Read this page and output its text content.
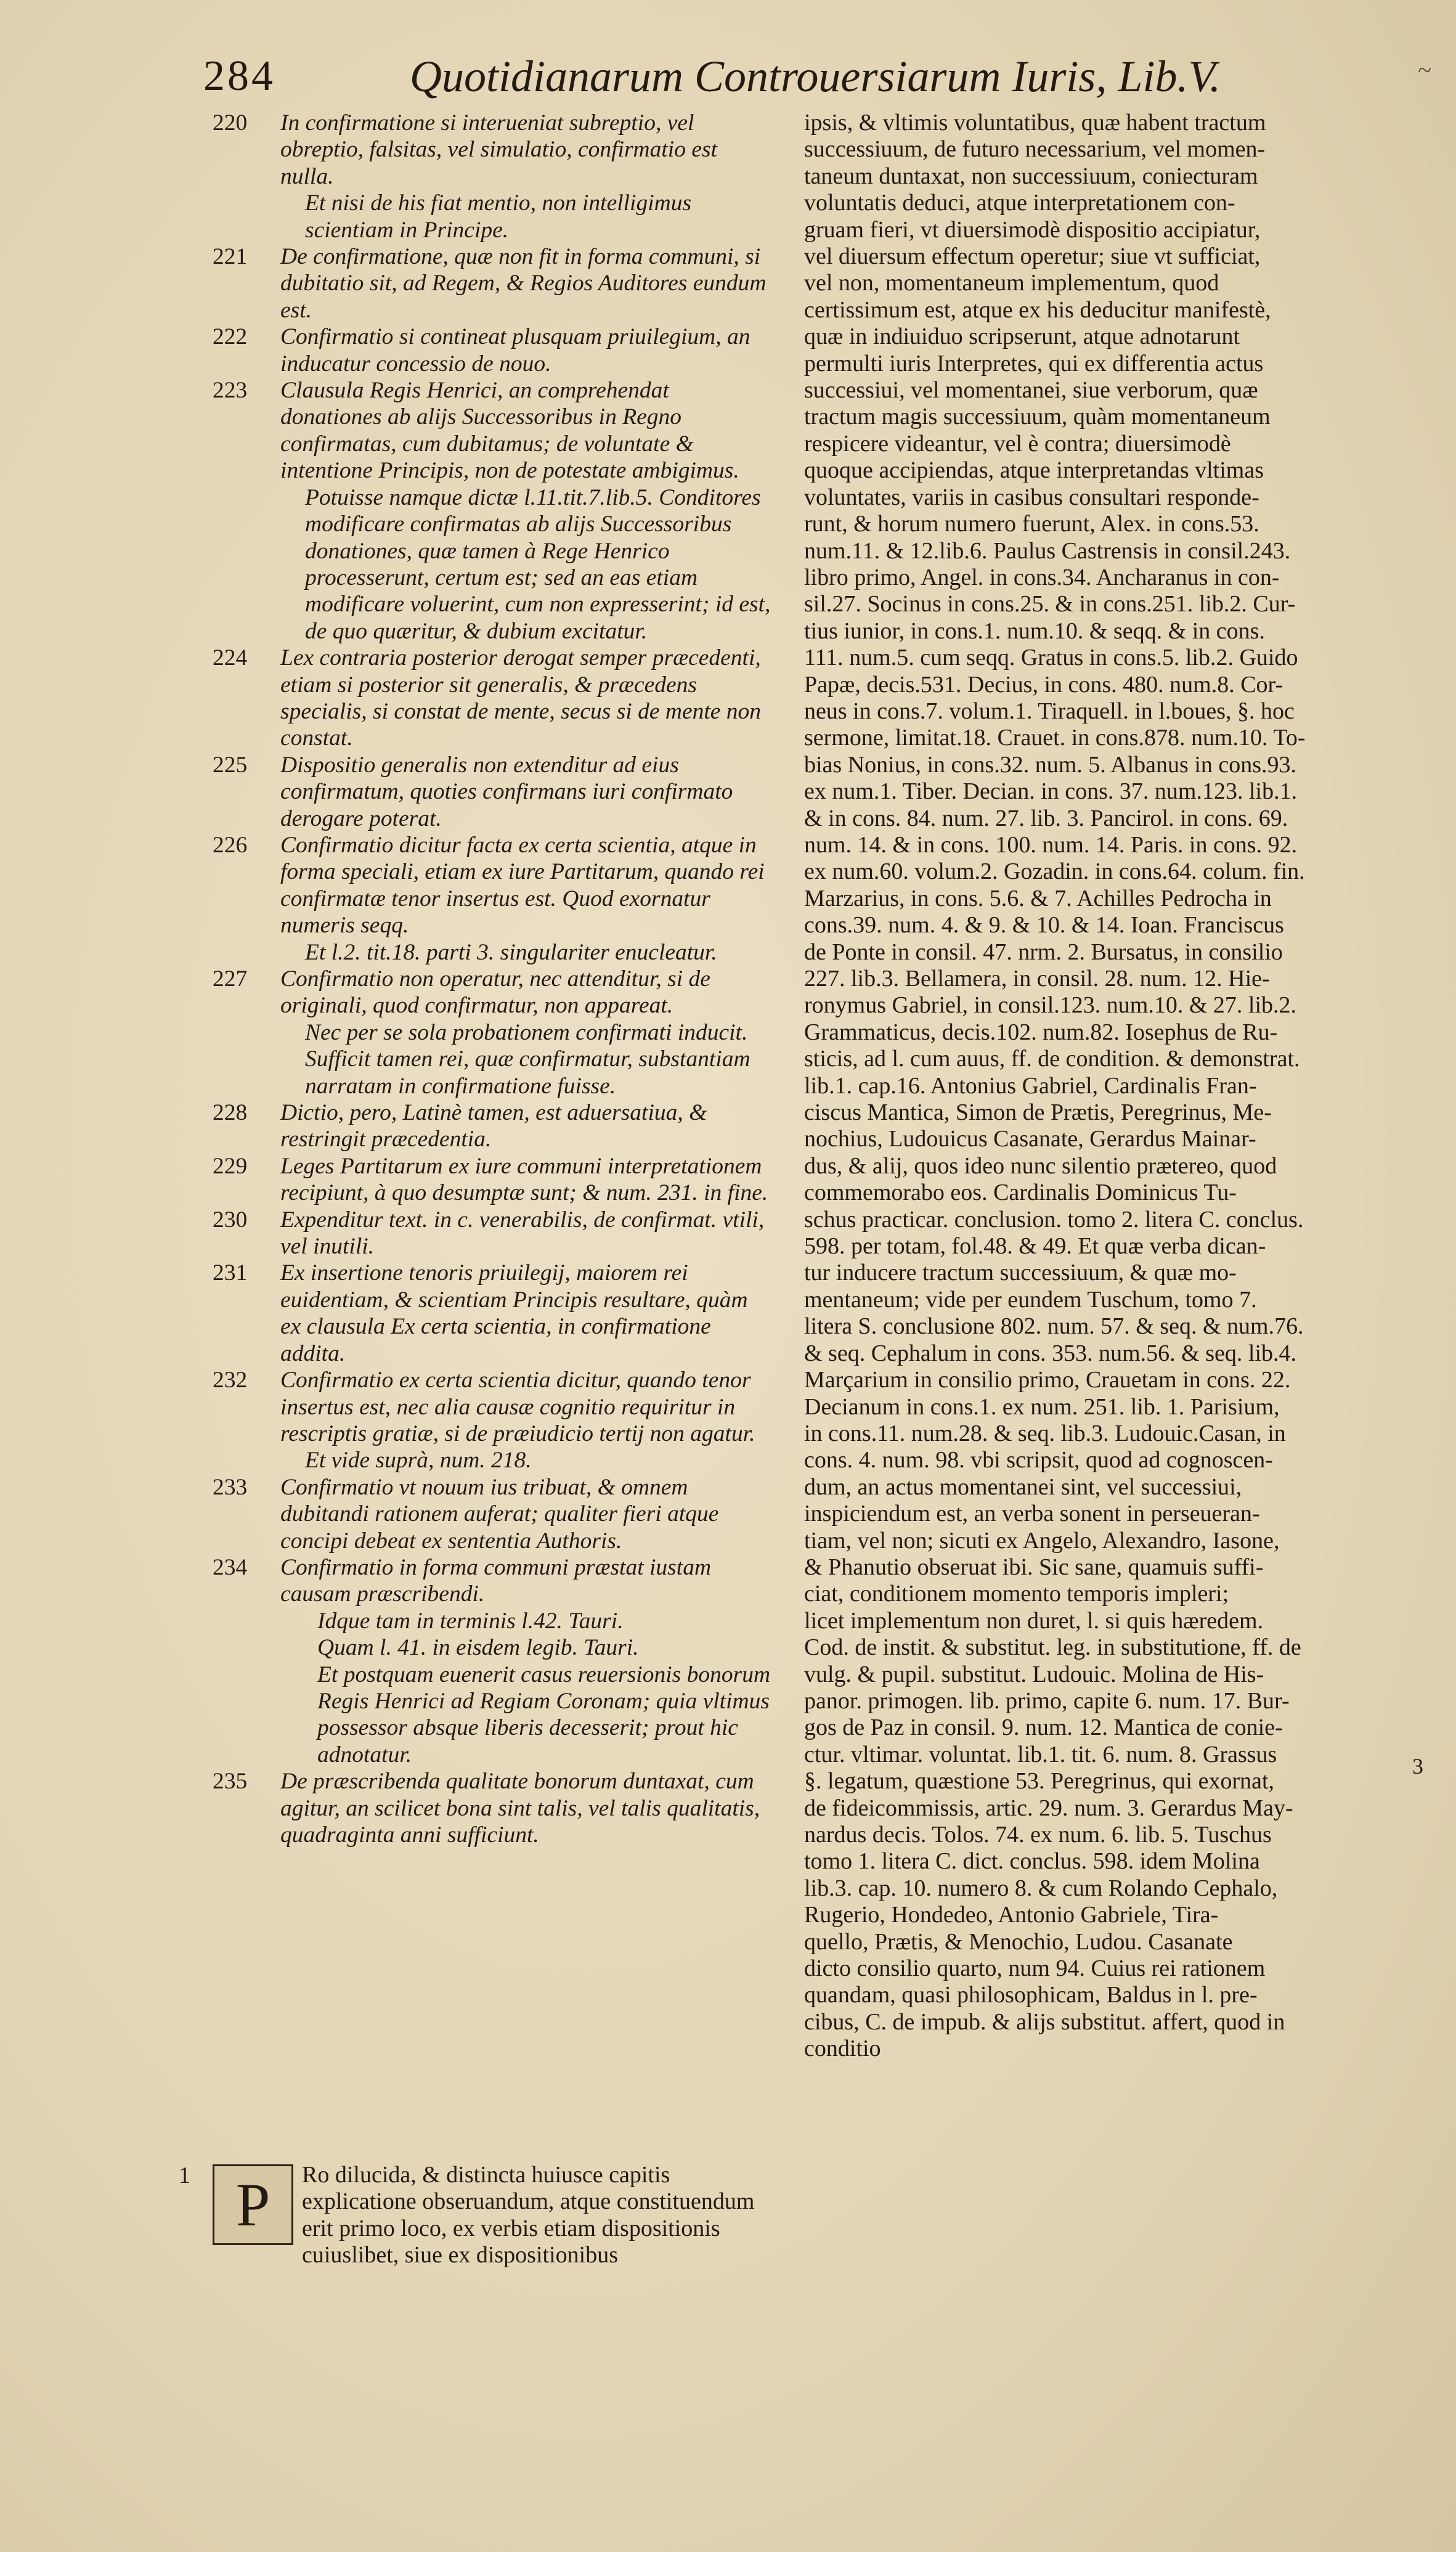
284	Quotidianarum Controuersiarum Iuris, Lib.V.	~
220	In confirmatione si interueniat subreptio, vel obreptio, falsitas, vel simulatio, confirmatio est nulla.
Et nisi de his fiat mentio, non intelligimus scientiam in Principe.
221	De confirmatione, quæ non fit in forma communi, si dubitatio sit, ad Regem, & Regios Auditores eundum est.
222	Confirmatio si contineat plusquam priuilegium, an inducatur concessio de nouo.
223	Clausula Regis Henrici, an comprehendat donationes ab alijs Successoribus in Regno confirmatas, cum dubitamus; de voluntate & intentione Principis, non de potestate ambigimus.
Potuisse namque dictæ l.11.tit.7.lib.5. Conditores modificare confirmatas ab alijs Successoribus donationes, quæ tamen à Rege Henrico processerunt, certum est; sed an eas etiam modificare voluerint, cum non expresserint; id est, de quo quæritur, & dubium excitatur.
224	Lex contraria posterior derogat semper præcedenti, etiam si posterior sit generalis, & præcedens specialis, si constat de mente, secus si de mente non constat.
225	Dispositio generalis non extenditur ad eius confirmatum, quoties confirmans iuri confirmato derogare poterat.
226	Confirmatio dicitur facta ex certa scientia, atque in forma speciali, etiam ex iure Partitarum, quando rei confirmatæ tenor insertus est. Quod exornatur numeris seqq.
Et l.2. tit.18. parti 3. singulariter enucleatur.
227	Confirmatio non operatur, nec attenditur, si de originali, quod confirmatur, non appareat.
Nec per se sola probationem confirmati inducit.
Sufficit tamen rei, quæ confirmatur, substantiam narratam in confirmatione fuisse.
228	Dictio, pero, Latinè tamen, est aduersatiua, & restringit præcedentia.
229	Leges Partitarum ex iure communi interpretationem recipiunt, à quo desumptæ sunt; & num. 231. in fine.
230	Expenditur text. in c. venerabilis, de confirmat. vtili, vel inutili.
231	Ex insertione tenoris priuilegij, maiorem rei euidentiam, & scientiam Principis resultare, quàm ex clausula Ex certa scientia, in confirmatione addita.
232	Confirmatio ex certa scientia dicitur, quando tenor insertus est, nec alia causæ cognitio requiritur in rescriptis gratiæ, si de præiudicio tertij non agatur.
Et vide suprà, num. 218.
233	Confirmatio vt nouum ius tribuat, & omnem dubitandi rationem auferat; qualiter fieri atque concipi debeat ex sententia Authoris.
234	Confirmatio in forma communi præstat iustam causam præscribendi.
Idque tam in terminis l.42. Tauri.
Quam l. 41. in eisdem legib. Tauri.
Et postquam euenerit casus reuersionis bonorum Regis Henrici ad Regiam Coronam; quia vltimus possessor absque liberis decesserit; prout hic adnotatur.
235	De præscribenda qualitate bonorum duntaxat, cum agitur, an scilicet bona sint talis, vel talis qualitatis, quadraginta anni sufficiunt.
1 P	Ro dilucida, & distincta huiusce capitis explicatione obseruandum, atque constituendum erit primo loco, ex verbis etiam dispositionis cuiuslibet, siue ex dispositionibus
ipsis, & vltimis voluntatibus, quæ habent tractum
successiuum, de futuro necessarium, vel momen-
taneum duntaxat, non successiuum, coniecturam
voluntatis deduci, atque interpretationem con-
gruam fieri, vt diuersimodè dispositio accipiatur,
vel diuersum effectum operetur; siue vt sufficiat,
vel non, momentaneum implementum, quod
certissimum est, atque ex his deducitur manifestè,
quæ in indiuiduo scripserunt, atque adnotarunt
permulti iuris Interpretes, qui ex differentia actus
successiui, vel momentanei, siue verborum, quæ
tractum magis successiuum, quàm momentaneum
respicere videantur, vel è contra; diuersimodè
quoque accipiendas, atque interpretandas vltimas
voluntates, variis in casibus consultari responde-
runt, & horum numero fuerunt, Alex. in cons.53.
num.11. & 12.lib.6. Paulus Castrensis in consil.243.
libro primo, Angel. in cons.34. Ancharanus in con-
sil.27. Socinus in cons.25. & in cons.251. lib.2. Cur-
tius iunior, in cons.1. num.10. & seqq. & in cons.
111. num.5. cum seqq. Gratus in cons.5. lib.2. Guido
Papæ, decis.531. Decius, in cons. 480. num.8. Cor-
neus in cons.7. volum.1. Tiraquell. in l.boues, §. hoc
sermone, limitat.18. Crauet. in cons.878. num.10. To-
bias Nonius, in cons.32. num. 5. Albanus in cons.93.
ex num.1. Tiber. Decian. in cons. 37. num.123. lib.1.
& in cons. 84. num. 27. lib. 3. Pancirol. in cons. 69.
num. 14. & in cons. 100. num. 14. Paris. in cons. 92.
ex num.60. volum.2. Gozadin. in cons.64. colum. fin.
Marzarius, in cons. 5.6. & 7. Achilles Pedrocha in
cons.39. num. 4. & 9. & 10. & 14. Ioan. Franciscus
de Ponte in consil. 47. nrm. 2. Bursatus, in consilio
227. lib.3. Bellamera, in consil. 28. num. 12. Hie-
ronymus Gabriel, in consil.123. num.10. & 27. lib.2.
Grammaticus, decis.102. num.82. Iosephus de Ru-
sticis, ad l. cum auus, ff. de condition. & demonstrat.
lib.1. cap.16. Antonius Gabriel, Cardinalis Fran-
ciscus Mantica, Simon de Prætis, Peregrinus, Me-
nochius, Ludouicus Casanate, Gerardus Mainar-
dus, & alij, quos ideo nunc silentio prætereo, quod
commemorabo eos. Cardinalis Dominicus Tu-
schus practicar. conclusion. tomo 2. litera C. conclus.
598. per totam, fol.48. & 49. Et quæ verba dican-
tur inducere tractum successiuum, & quæ mo-
mentaneum; vide per eundem Tuschum, tomo 7.
litera S. conclusione 802. num. 57. & seq. & num.76.
& seq. Cephalum in cons. 353. num.56. & seq. lib.4.
Marçarium in consilio primo, Crauetam in cons. 22.
Decianum in cons.1. ex num. 251. lib. 1. Parisium,
in cons.11. num.28. & seq. lib.3. Ludouic.Casan, in
cons. 4. num. 98. vbi scripsit, quod ad cognoscen-
dum, an actus momentanei sint, vel successiui,
inspiciendum est, an verba sonent in perseueran-
tiam, vel non; sicuti ex Angelo, Alexandro, Iasone,
& Phanutio obseruat ibi. Sic sane, quamuis suffi-
ciat, conditionem momento temporis impleri;
licet implementum non duret, l. si quis hæredem.
Cod. de instit. & substitut. leg. in substitutione, ff. de
vulg. & pupil. substitut. Ludouic. Molina de His-
panor. primogen. lib. primo, capite 6. num. 17. Bur-
gos de Paz in consil. 9. num. 12. Mantica de conie-
ctur. vltimar. voluntat. lib.1. tit. 6. num. 8. Grassus
§. legatum, quæstione 53. Peregrinus, qui exornat,
de fideicommissis, artic. 29. num. 3. Gerardus May-
nardus decis. Tolos. 74. ex num. 6. lib. 5. Tuschus
tomo 1. litera C. dict. conclus. 598. idem Molina
lib.3. cap. 10. numero 8. & cum Rolando Cephalo,
Rugerio, Hondedeo, Antonio Gabriele, Tira-
quello, Prætis, & Menochio, Ludou. Casanate
dicto consilio quarto, num 94. Cuius rei rationem
quandam, quasi philosophicam, Baldus in l. pre-
cibus, C. de impub. & alijs substitut. affert, quod in
conditio
3
